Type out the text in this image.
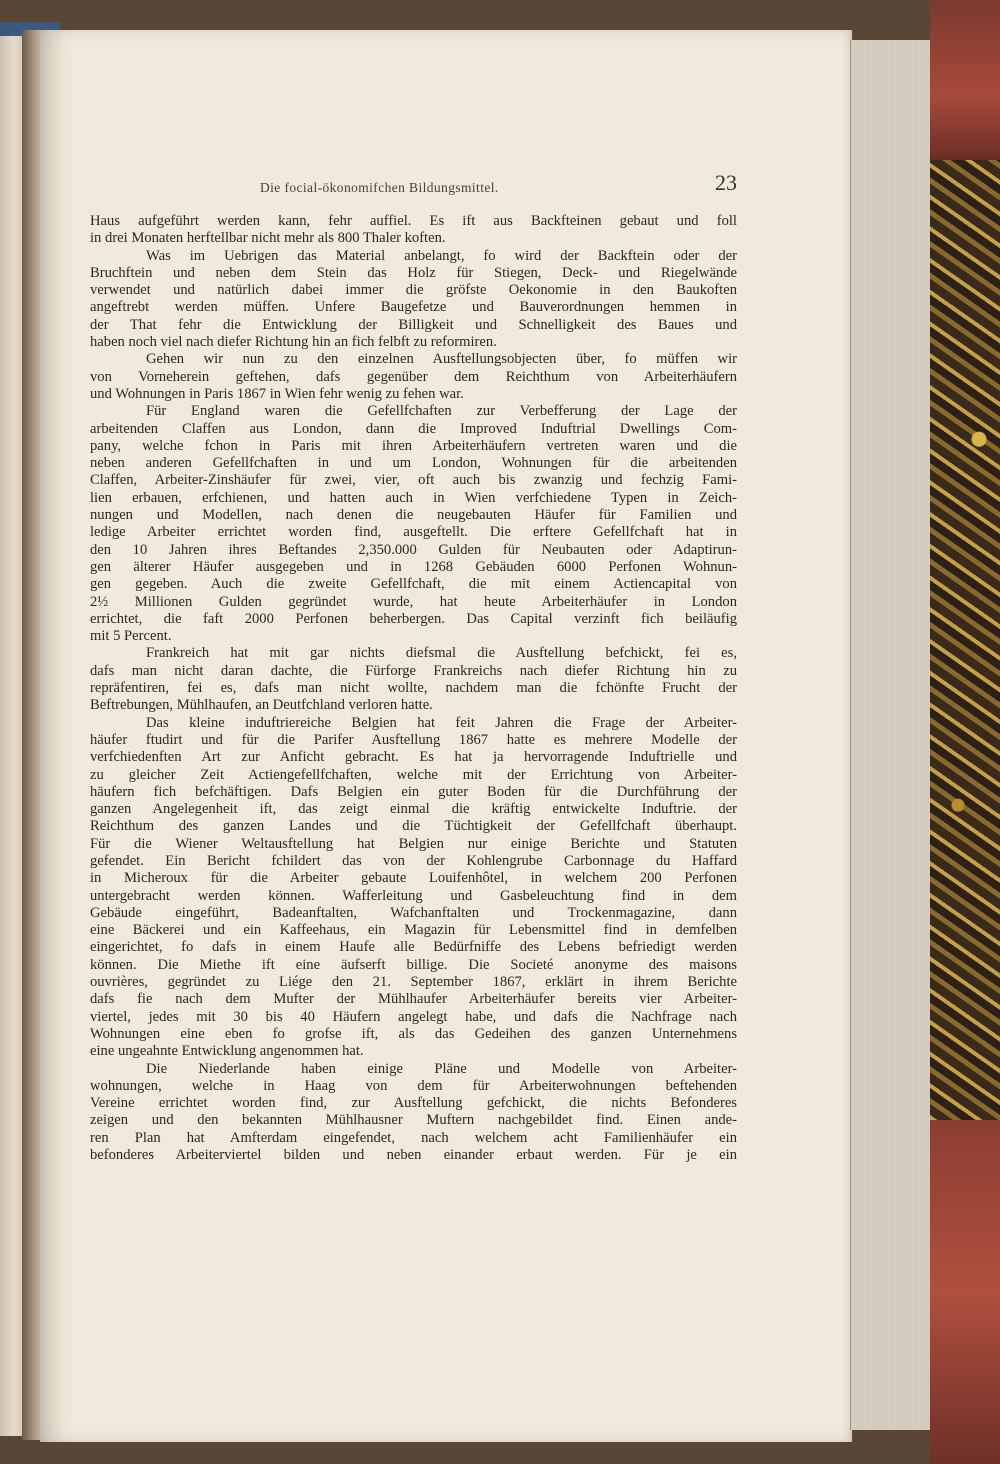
Die focial-ökonomifchen Bildungsmittel.	23
Haus aufgeführt werden kann, fehr auffiel. Es ift aus Backfteinen gebaut und foll
in drei Monaten herftellbar nicht mehr als 800 Thaler koften.
Was im Uebrigen das Material anbelangt, fo wird der Backftein oder der
Bruchftein und neben dem Stein das Holz für Stiegen, Deck- und Riegelwände
verwendet und natürlich dabei immer die gröfste Oekonomie in den Baukoften
angeftrebt werden müffen. Unfere Baugefetze und Bauverordnungen hemmen in
der That fehr die Entwicklung der Billigkeit und Schnelligkeit des Baues und
haben noch viel nach diefer Richtung hin an fich felbft zu reformiren.
Gehen wir nun zu den einzelnen Ausftellungsobjecten über, fo müffen wir
von Vorneherein geftehen, dafs gegenüber dem Reichthum von Arbeiterhäufern
und Wohnungen in Paris 1867 in Wien fehr wenig zu fehen war.
Für England waren die Gefellfchaften zur Verbefferung der Lage der
arbeitenden Claffen aus London, dann die Improved Induftrial Dwellings Com-
pany, welche fchon in Paris mit ihren Arbeiterhäufern vertreten waren und die
neben anderen Gefellfchaften in und um London, Wohnungen für die arbeitenden
Claffen, Arbeiter-Zinshäufer für zwei, vier, oft auch bis zwanzig und fechzig Fami-
lien erbauen, erfchienen, und hatten auch in Wien verfchiedene Typen in Zeich-
nungen und Modellen, nach denen die neugebauten Häufer für Familien und
ledige Arbeiter errichtet worden find, ausgeftellt. Die erftere Gefellfchaft hat in
den 10 Jahren ihres Beftandes 2,350.000 Gulden für Neubauten oder Adaptirun-
gen älterer Häufer ausgegeben und in 1268 Gebäuden 6000 Perfonen Wohnun-
gen gegeben. Auch die zweite Gefellfchaft, die mit einem Actiencapital von
2½ Millionen Gulden gegründet wurde, hat heute Arbeiterhäufer in London
errichtet, die faft 2000 Perfonen beherbergen. Das Capital verzinft fich beiläufig
mit 5 Percent.
Frankreich hat mit gar nichts diefsmal die Ausftellung befchickt, fei es,
dafs man nicht daran dachte, die Fürforge Frankreichs nach diefer Richtung hin zu
repräfentiren, fei es, dafs man nicht wollte, nachdem man die fchönfte Frucht der
Beftrebungen, Mühlhaufen, an Deutfchland verloren hatte.
Das kleine induftriereiche Belgien hat feit Jahren die Frage der Arbeiter-
häufer ftudirt und für die Parifer Ausftellung 1867 hatte es mehrere Modelle der
verfchiedenften Art zur Anficht gebracht. Es hat ja hervorragende Induftrielle und
zu gleicher Zeit Actiengefellfchaften, welche mit der Errichtung von Arbeiter-
häufern fich befchäftigen. Dafs Belgien ein guter Boden für die Durchführung der
ganzen Angelegenheit ift, das zeigt einmal die kräftig entwickelte Induftrie. der
Reichthum des ganzen Landes und die Tüchtigkeit der Gefellfchaft überhaupt.
Für die Wiener Weltausftellung hat Belgien nur einige Berichte und Statuten
gefendet. Ein Bericht fchildert das von der Kohlengrube Carbonnage du Haffard
in Micheroux für die Arbeiter gebaute Louifenhôtel, in welchem 200 Perfonen
untergebracht werden können. Wafferleitung und Gasbeleuchtung find in dem
Gebäude eingeführt, Badeanftalten, Wafchanftalten und Trockenmagazine, dann
eine Bäckerei und ein Kaffeehaus, ein Magazin für Lebensmittel find in demfelben
eingerichtet, fo dafs in einem Haufe alle Bedürfniffe des Lebens befriedigt werden
können. Die Miethe ift eine äufserft billige. Die Societé anonyme des maisons
ouvrières, gegründet zu Liége den 21. September 1867, erklärt in ihrem Berichte
dafs fie nach dem Mufter der Mühlhaufer Arbeiterhäufer bereits vier Arbeiter-
viertel, jedes mit 30 bis 40 Häufern angelegt habe, und dafs die Nachfrage nach
Wohnungen eine eben fo grofse ift, als das Gedeihen des ganzen Unternehmens
eine ungeahnte Entwicklung angenommen hat.
Die Niederlande haben einige Pläne und Modelle von Arbeiter-
wohnungen, welche in Haag von dem für Arbeiterwohnungen beftehenden
Vereine errichtet worden find, zur Ausftellung gefchickt, die nichts Befonderes
zeigen und den bekannten Mühlhausner Muftern nachgebildet find. Einen ande-
ren Plan hat Amfterdam eingefendet, nach welchem acht Familienhäufer ein
befonderes Arbeiterviertel bilden und neben einander erbaut werden. Für je ein
